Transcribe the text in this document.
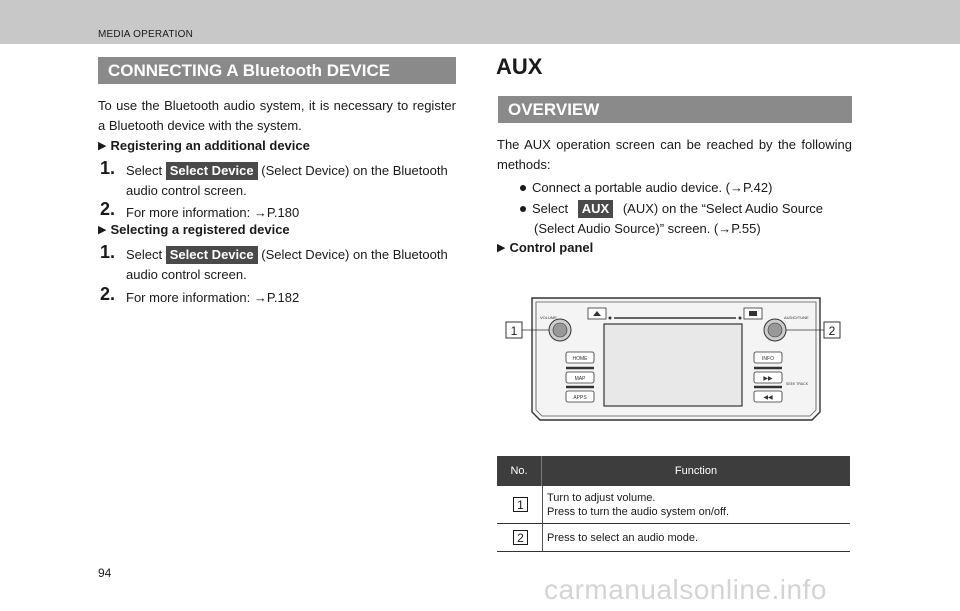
MEDIA OPERATION
CONNECTING A Bluetooth DEVICE
To use the Bluetooth audio system, it is necessary to register a Bluetooth device with the system.
▶ Registering an additional device
1. Select Select Device (Select Device) on the Bluetooth
audio control screen.
2. For more information: →P.180
▶ Selecting a registered device
1. Select Select Device (Select Device) on the Bluetooth
audio control screen.
2. For more information: →P.182
AUX
OVERVIEW
The AUX operation screen can be reached by the following methods:
Connect a portable audio device. (→P.42)
Select AUX (AUX) on the “Select Audio Source
(Select Audio Source)” screen. (→P.55)
▶ Control panel
VOLUME	AUDIO/TUNE
HOME
MAP
APPS
INFO
▶▶
SEEK TRACK
◀◀
1	2
No.	Function
1	Turn to adjust volume.
Press to turn the audio system on/off.
2	Press to select an audio mode.
94
carmanualsonline.info
